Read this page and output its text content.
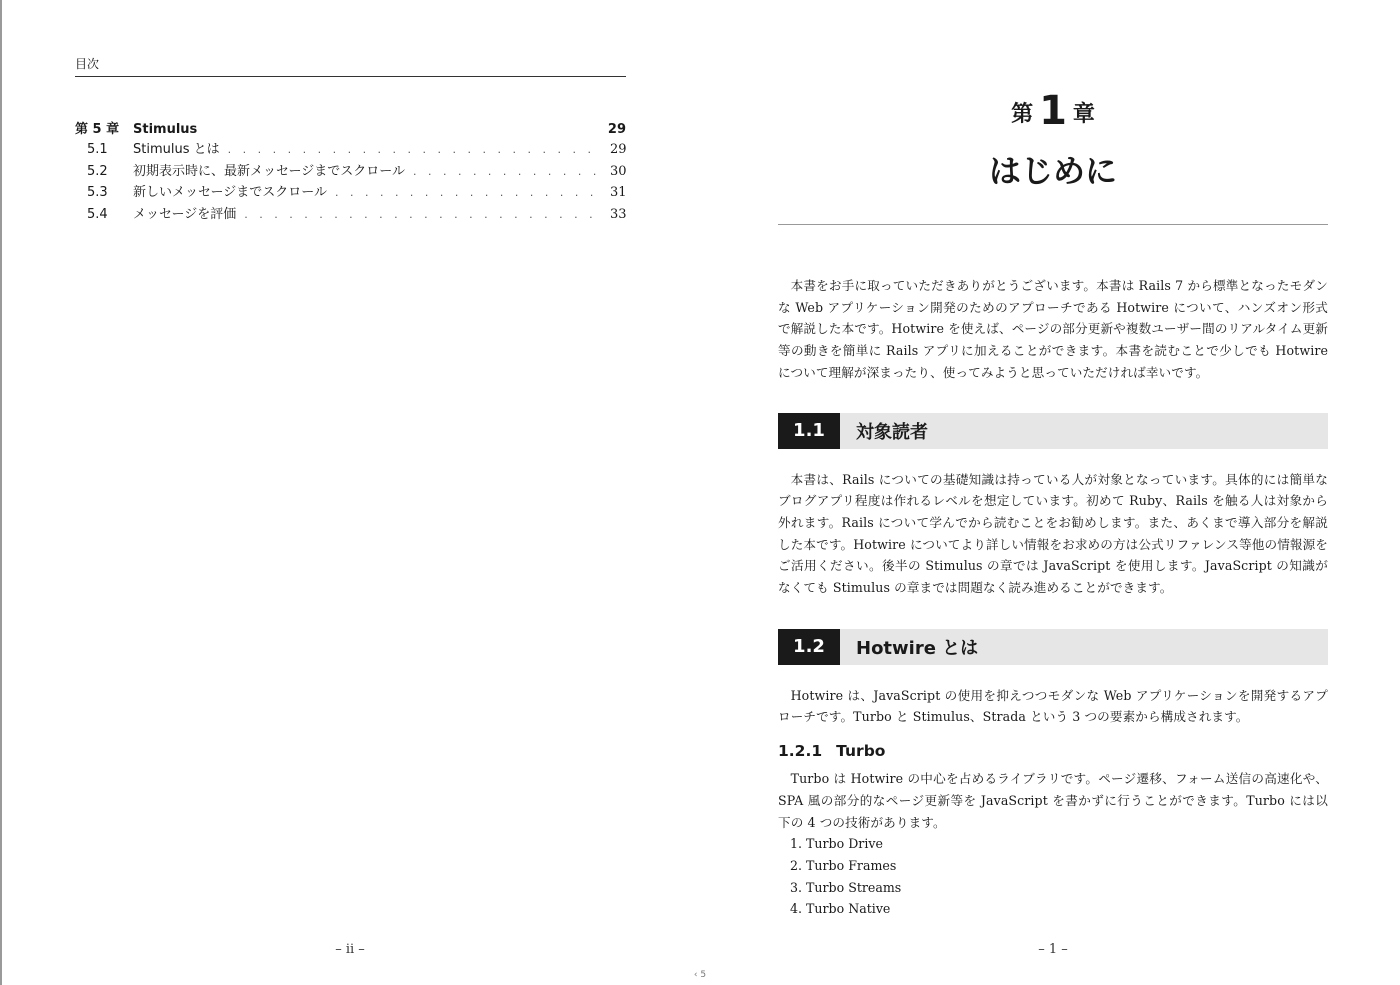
目次
第 5 章	Stimulus	29
5.1	Stimulus とは . . .	29
5.2	初期表示時に、最新メッセージまでスクロール . . .	30
5.3	新しいメッセージまでスクロール . . .	31
5.4	メッセージを評価 . . .	33
– ii –
第 1 章
はじめに

本書をお手に取っていただきありがとうございます。本書は Rails 7 から標準となったモダンな Web アプリケーション開発のためのアプローチである Hotwire について、ハンズオン形式で解説した本です。Hotwire を使えば、ページの部分更新や複数ユーザー間のリアルタイム更新等の動きを簡単に Rails アプリに加えることができます。本書を読むことで少しでも Hotwire について理解が深まったり、使ってみようと思っていただければ幸いです。

1.1	対象読者

本書は、Rails についての基礎知識は持っている人が対象となっています。具体的には簡単なブログアプリ程度は作れるレベルを想定しています。初めて Ruby、Rails を触る人は対象から外れます。Rails について学んでから読むことをお勧めします。また、あくまで導入部分を解説した本です。Hotwire についてより詳しい情報をお求めの方は公式リファレンス等他の情報源をご活用ください。後半の Stimulus の章では JavaScript を使用します。JavaScript の知識がなくても Stimulus の章までは問題なく読み進めることができます。

1.2	Hotwire とは

Hotwire は、JavaScript の使用を抑えつつモダンな Web アプリケーションを開発するアプローチです。Turbo と Stimulus、Strada という 3 つの要素から構成されます。

1.2.1 Turbo

Turbo は Hotwire の中心を占めるライブラリです。ページ遷移、フォーム送信の高速化や、SPA 風の部分的なページ更新等を JavaScript を書かずに行うことができます。Turbo には以下の 4 つの技術があります。

1. Turbo Drive
2. Turbo Frames
3. Turbo Streams
4. Turbo Native
– 1 –
‹ 5
